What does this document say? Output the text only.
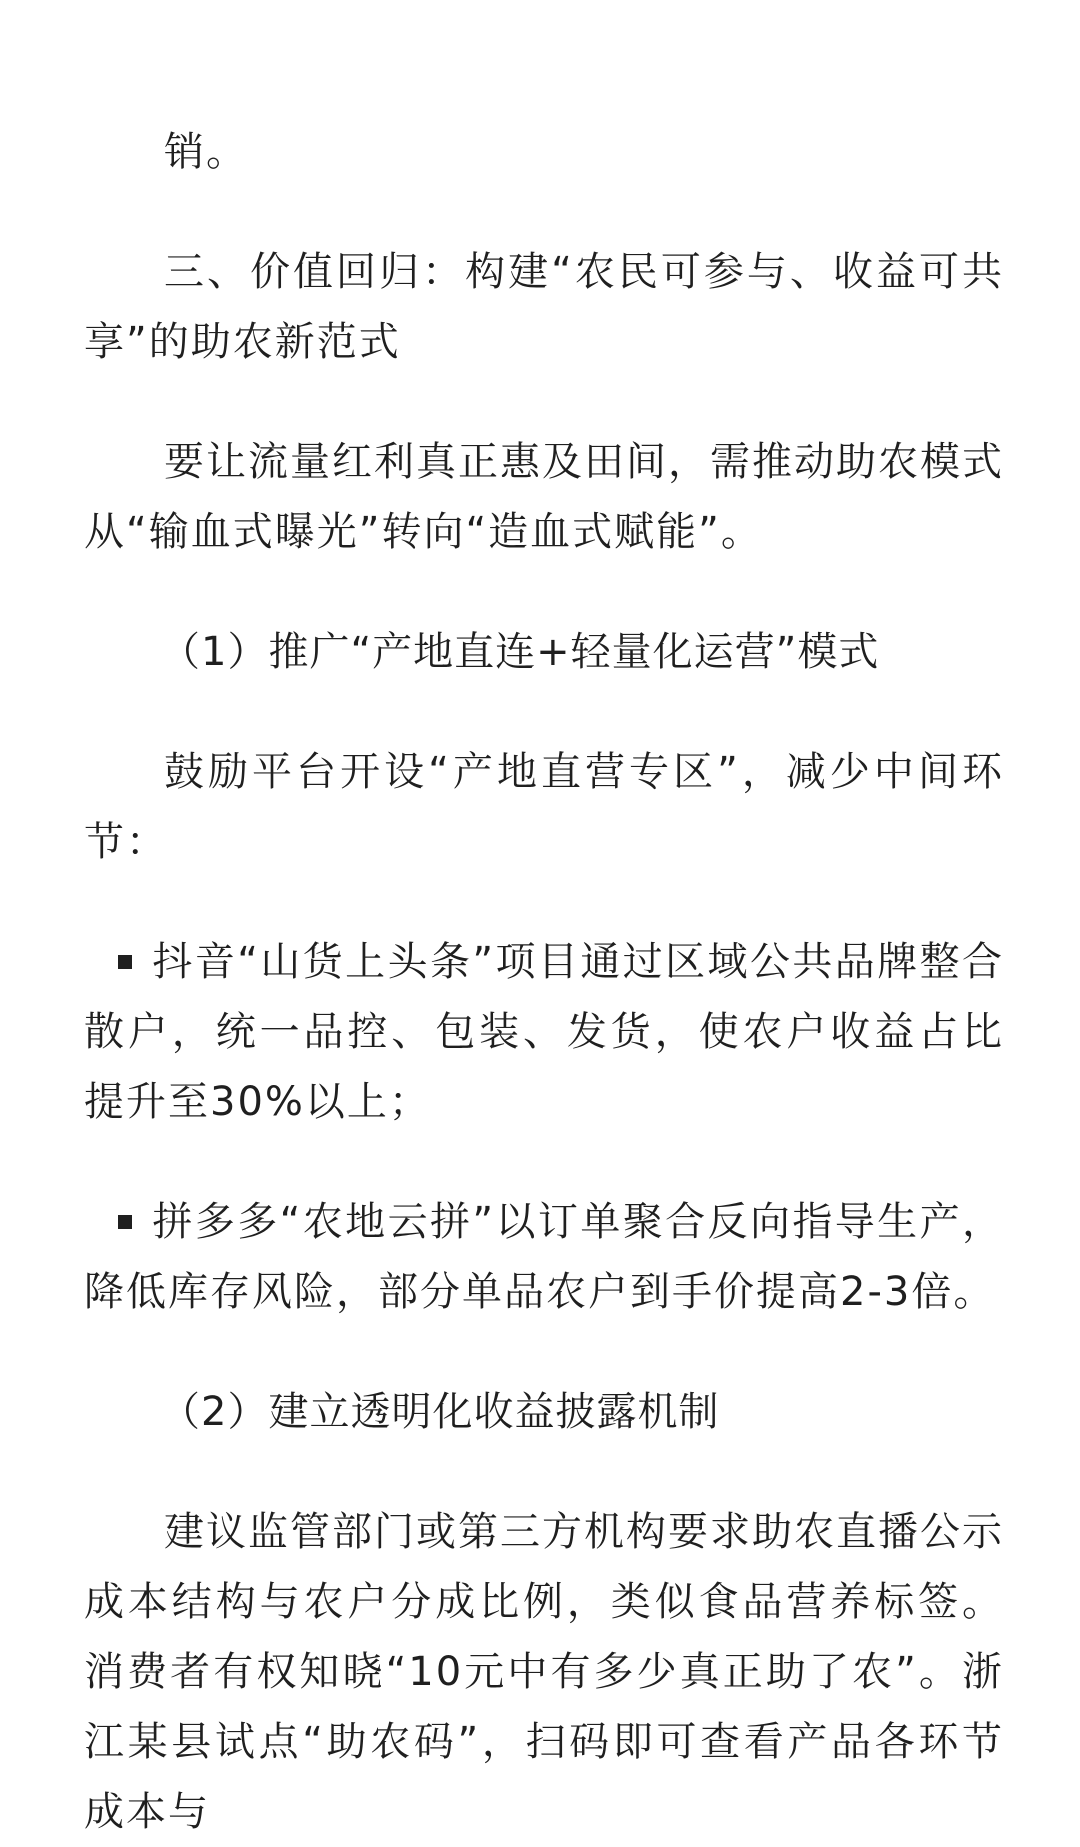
销。

三、价值回归：构建“农民可参与、收益可共享”的助农新范式

要让流量红利真正惠及田间，需推动助农模式从“输血式曝光”转向“造血式赋能”。

（1）推广“产地直连+轻量化运营”模式

鼓励平台开设“产地直营专区”，减少中间环节：

抖音“山货上头条”项目通过区域公共品牌整合散户，统一品控、包装、发货，使农户收益占比提升至30%以上；

拼多多“农地云拼”以订单聚合反向指导生产，降低库存风险，部分单品农户到手价提高2-3倍。

（2）建立透明化收益披露机制

建议监管部门或第三方机构要求助农直播公示成本结构与农户分成比例，类似食品营养标签。消费者有权知晓“10元中有多少真正助了农”。浙江某县试点“助农码”，扫码即可查看产品各环节成本与
